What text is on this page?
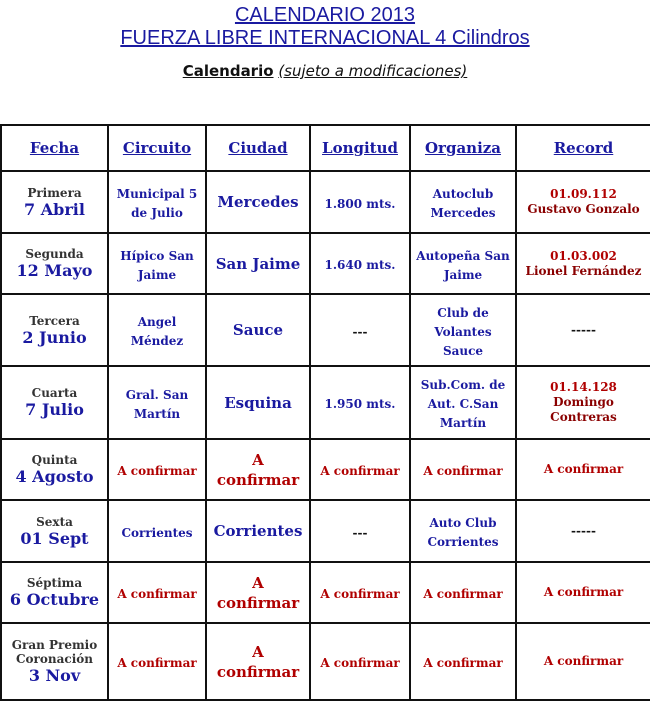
CALENDARIO 2013
FUERZA LIBRE INTERNACIONAL 4 Cilindros
Calendario (sujeto a modificaciones)
Fecha	Circuito	Ciudad	Longitud	Organiza	Record

Primera
7 Abril	Municipal 5 de Julio	Mercedes	1.800 mts.	Autoclub Mercedes	01.09.112
Gustavo Gonzalo

Segunda
12 Mayo	Hípico San Jaime	San Jaime	1.640 mts.	Autopeña San Jaime	01.03.002
Lionel Fernández

Tercera
2 Junio	Angel Méndez	Sauce	---	Club de Volantes Sauce	-----

Cuarta
7 Julio	Gral. San Martín	Esquina	1.950 mts.	Sub.Com. de Aut. C.San Martín	01.14.128
Domingo Contreras

Quinta
4 Agosto	A confirmar	A confirmar	A confirmar	A confirmar	A confirmar

Sexta
01 Sept	Corrientes	Corrientes	---	Auto Club Corrientes	-----

Séptima
6 Octubre	A confirmar	A confirmar	A confirmar	A confirmar	A confirmar

Gran Premio Coronación
3 Nov	A confirmar	A confirmar	A confirmar	A confirmar	A confirmar
